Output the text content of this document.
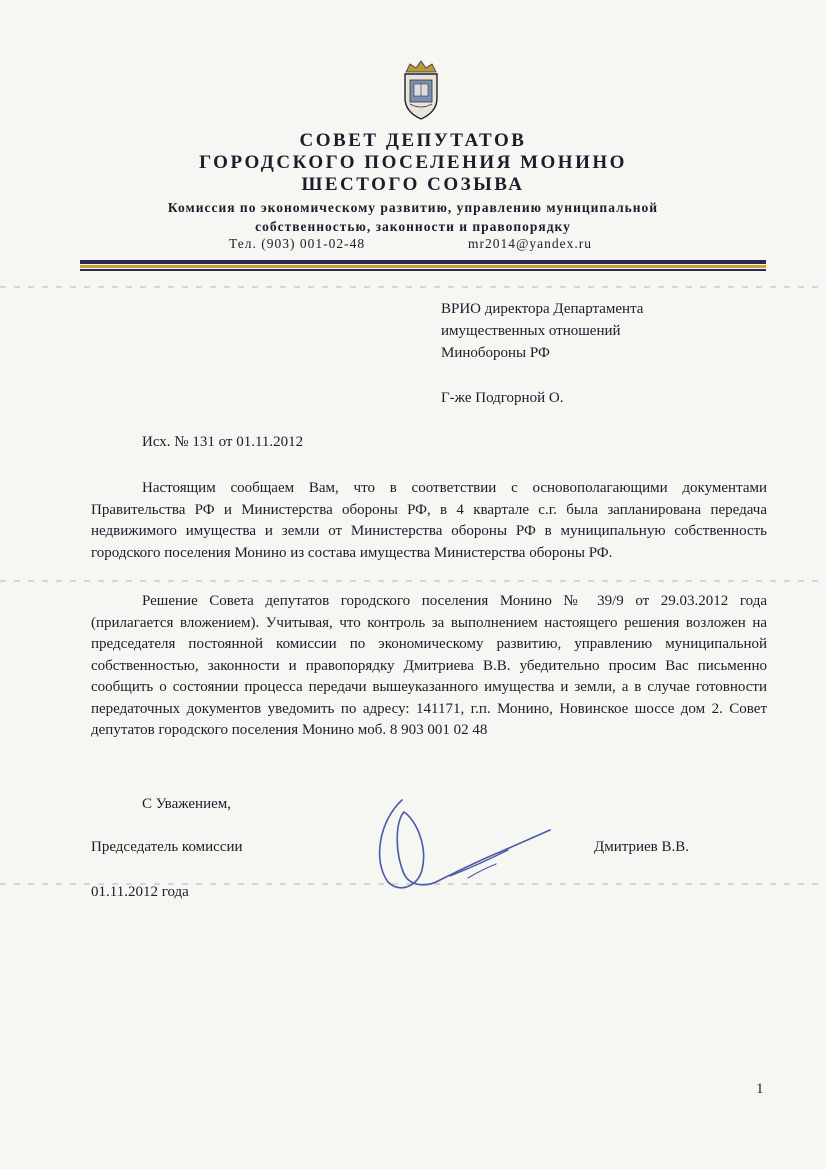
СОВЕТ ДЕПУТАТОВ
ГОРОДСКОГО ПОСЕЛЕНИЯ МОНИНО
ШЕСТОГО СОЗЫВА
Комиссия по экономическому развитию, управлению муниципальной
собственностью, законности и правопорядку
Тел. (903) 001-02-48	mr2014@yandex.ru
ВРИО директора Департамента
имущественных отношений
Минобороны РФ
Г-же Подгорной О.
Исх. № 131 от 01.11.2012
Настоящим сообщаем Вам, что в соответствии с основополагающими документами Правительства РФ и Министерства обороны РФ, в 4 квартале с.г. была запланирована передача недвижимого имущества и земли от Министерства обороны РФ в муниципальную собственность городского поселения Монино из состава имущества Министерства обороны РФ.
Решение Совета депутатов городского поселения Монино № 39/9 от 29.03.2012 года (прилагается вложением). Учитывая, что контроль за выполнением настоящего решения возложен на председателя постоянной комиссии по экономическому развитию, управлению муниципальной собственностью, законности и правопорядку Дмитриева В.В. убедительно просим Вас письменно сообщить о состоянии процесса передачи вышеуказанного имущества и земли, а в случае готовности передаточных документов уведомить по адресу: 141171, г.п. Монино, Новинское шоссе дом 2. Совет депутатов городского поселения Монино моб. 8 903 001 02 48
С Уважением,
Председатель комиссии	Дмитриев В.В.
01.11.2012 года
1
